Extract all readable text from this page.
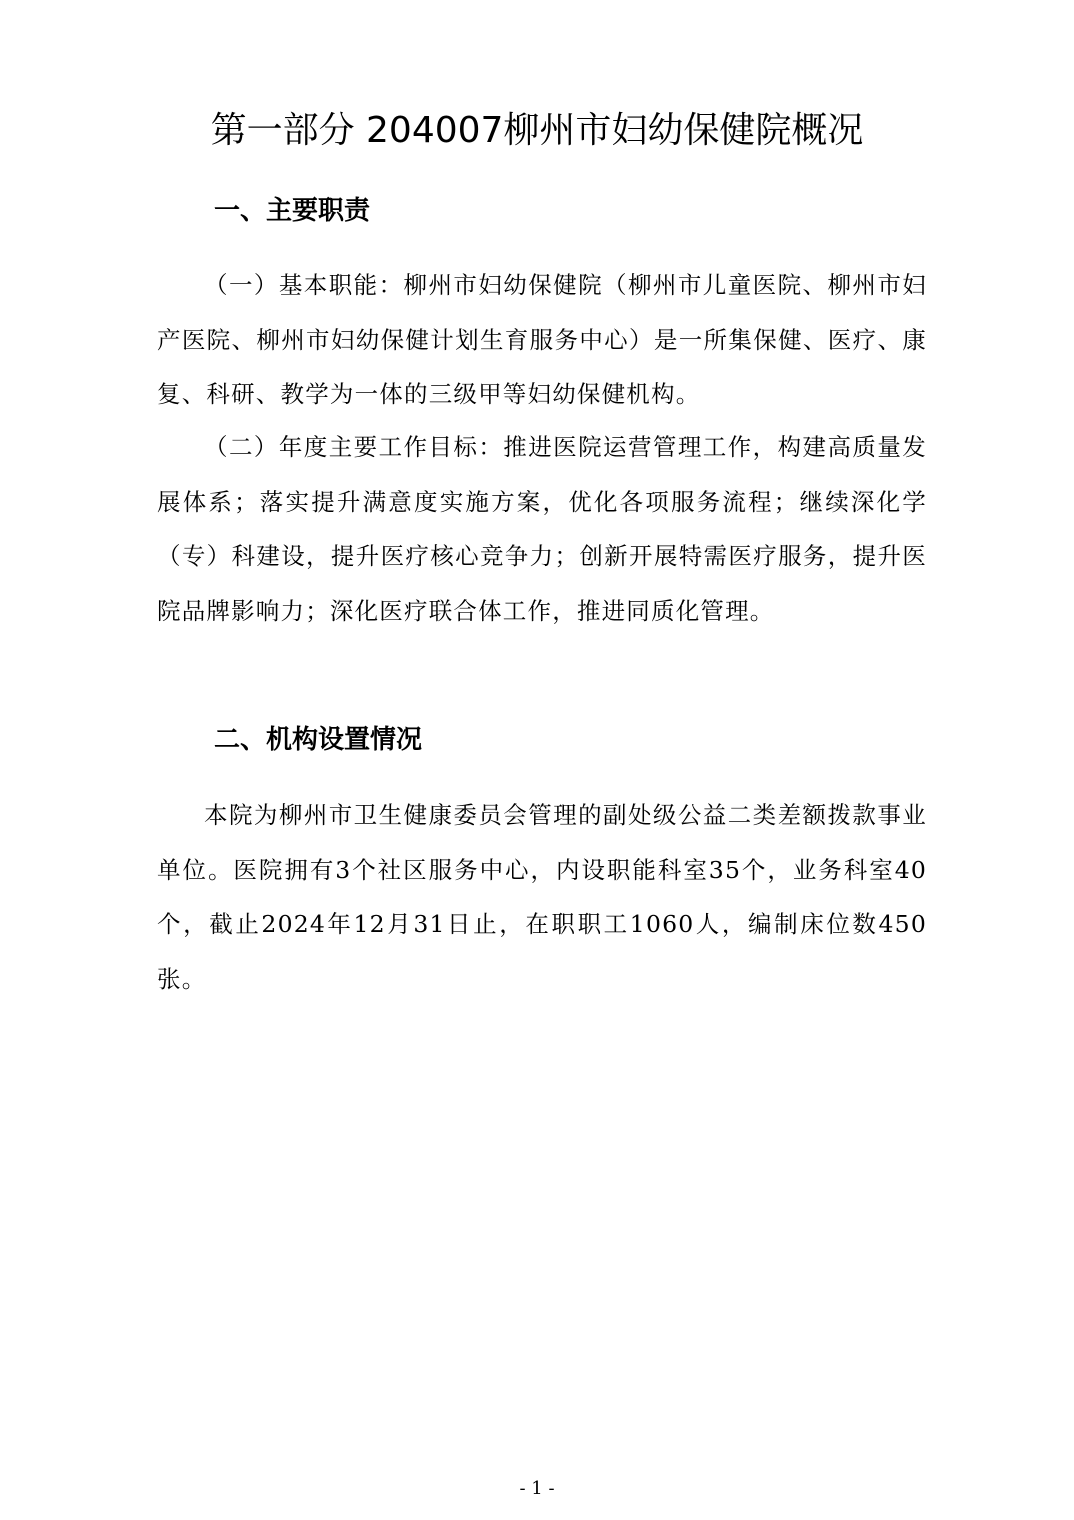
第一部分 204007柳州市妇幼保健院概况
一、主要职责

（一）基本职能：柳州市妇幼保健院（柳州市儿童医院、柳州市妇产医院、柳州市妇幼保健计划生育服务中心）是一所集保健、医疗、康复、科研、教学为一体的三级甲等妇幼保健机构。

（二）年度主要工作目标：推进医院运营管理工作，构建高质量发展体系；落实提升满意度实施方案，优化各项服务流程；继续深化学（专）科建设，提升医疗核心竞争力；创新开展特需医疗服务，提升医院品牌影响力；深化医疗联合体工作，推进同质化管理。

二、机构设置情况

本院为柳州市卫生健康委员会管理的副处级公益二类差额拨款事业单位。医院拥有3个社区服务中心，内设职能科室35个，业务科室40个，截止2024年12月31日止，在职职工1060人，编制床位数450张。

- 1 -
